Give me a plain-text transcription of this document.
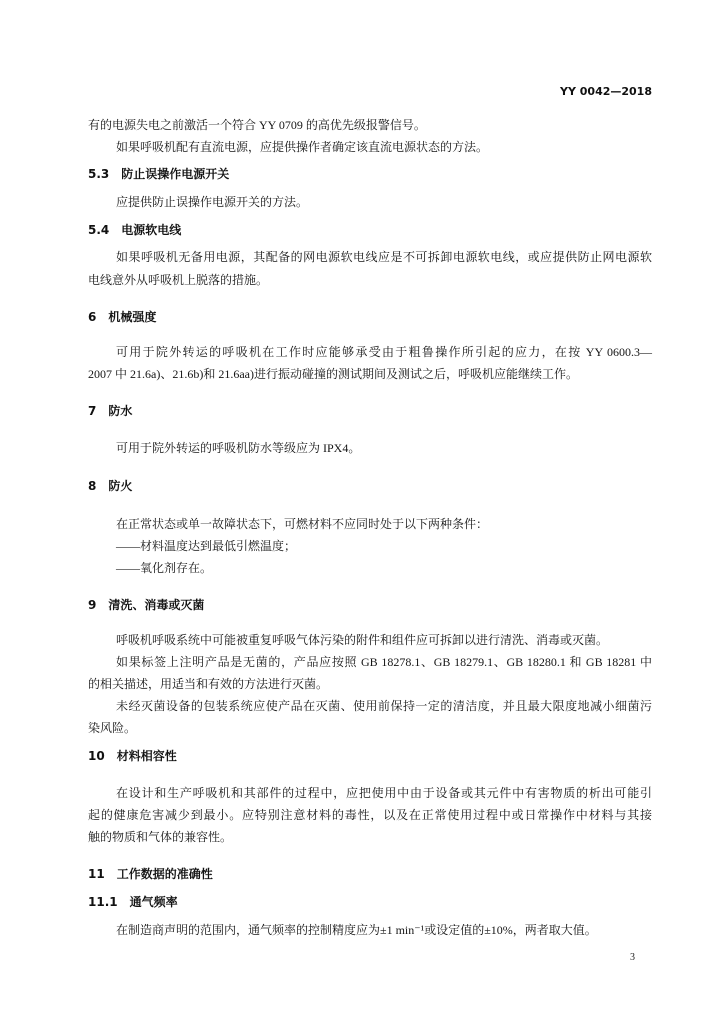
YY 0042—2018
有的电源失电之前激活一个符合 YY 0709 的高优先级报警信号。
如果呼吸机配有直流电源，应提供操作者确定该直流电源状态的方法。
5.3 防止误操作电源开关
应提供防止误操作电源开关的方法。
5.4 电源软电线
如果呼吸机无备用电源，其配备的网电源软电线应是不可拆卸电源软电线，或应提供防止网电源软
电线意外从呼吸机上脱落的措施。
6 机械强度
可用于院外转运的呼吸机在工作时应能够承受由于粗鲁操作所引起的应力，在按 YY 0600.3—
2007 中 21.6a)、21.6b)和 21.6aa)进行振动碰撞的测试期间及测试之后，呼吸机应能继续工作。
7 防水
可用于院外转运的呼吸机防水等级应为 IPX4。
8 防火
在正常状态或单一故障状态下，可燃材料不应同时处于以下两种条件：
——材料温度达到最低引燃温度；
——氧化剂存在。
9 清洗、消毒或灭菌
呼吸机呼吸系统中可能被重复呼吸气体污染的附件和组件应可拆卸以进行清洗、消毒或灭菌。
如果标签上注明产品是无菌的，产品应按照 GB 18278.1、GB 18279.1、GB 18280.1 和 GB 18281 中
的相关描述，用适当和有效的方法进行灭菌。
未经灭菌设备的包装系统应使产品在灭菌、使用前保持一定的清洁度，并且最大限度地减小细菌污
染风险。
10 材料相容性
在设计和生产呼吸机和其部件的过程中，应把使用中由于设备或其元件中有害物质的析出可能引
起的健康危害减少到最小。应特别注意材料的毒性，以及在正常使用过程中或日常操作中材料与其接
触的物质和气体的兼容性。
11 工作数据的准确性
11.1 通气频率
在制造商声明的范围内，通气频率的控制精度应为±1 min⁻¹或设定值的±10%，两者取大值。
3
